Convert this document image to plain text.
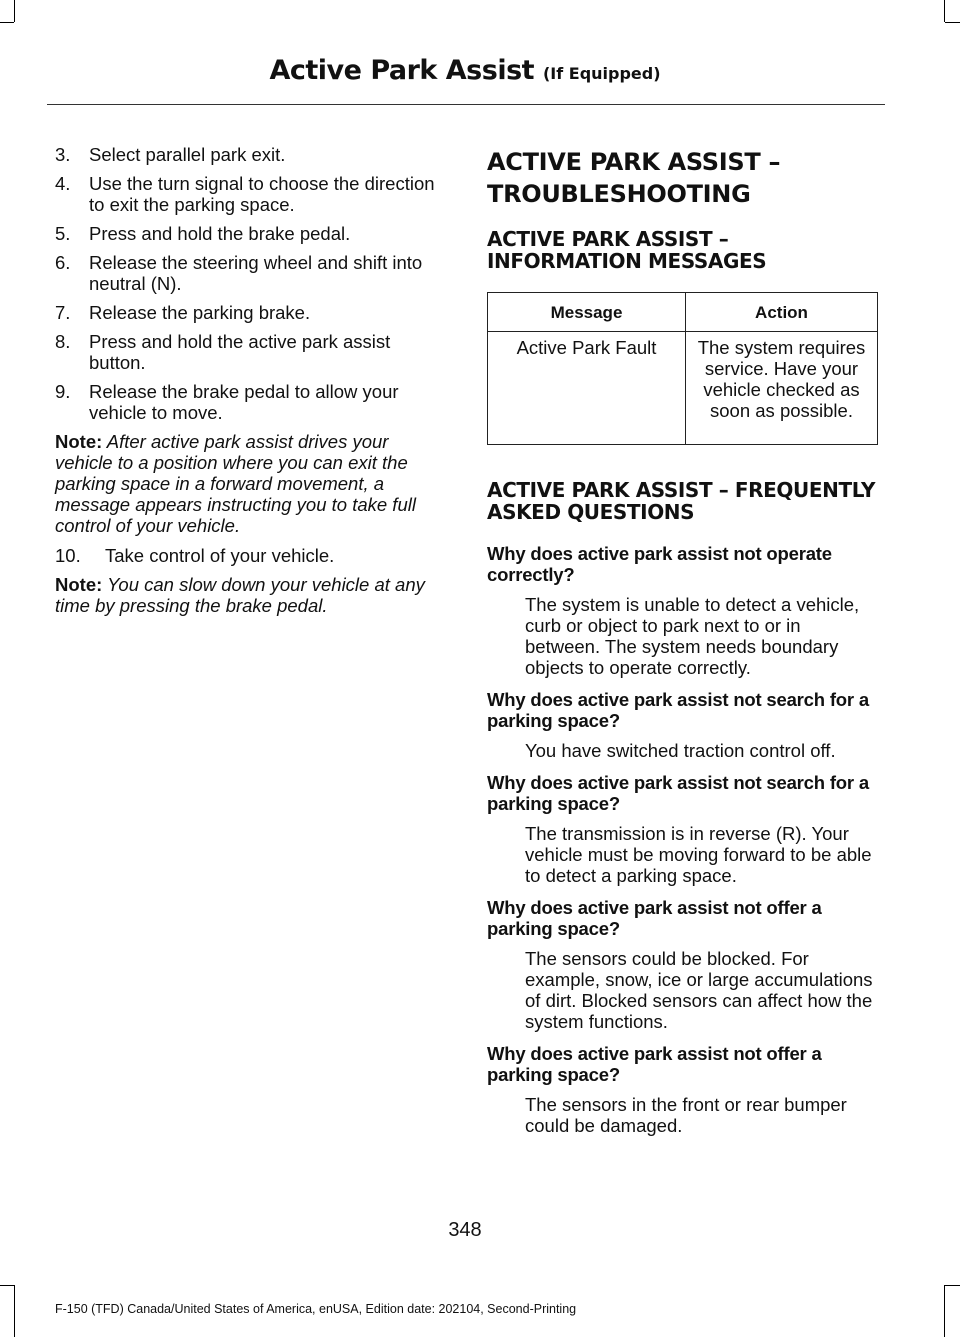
Active Park Assist (If Equipped)
3. Select parallel park exit.
4. Use the turn signal to choose the direction to exit the parking space.
5. Press and hold the brake pedal.
6. Release the steering wheel and shift into neutral (N).
7. Release the parking brake.
8. Press and hold the active park assist button.
9. Release the brake pedal to allow your vehicle to move.

Note: After active park assist drives your vehicle to a position where you can exit the parking space in a forward movement, a message appears instructing you to take full control of your vehicle.

10. Take control of your vehicle.

Note: You can slow down your vehicle at any time by pressing the brake pedal.

ACTIVE PARK ASSIST – TROUBLESHOOTING
ACTIVE PARK ASSIST – INFORMATION MESSAGES
Message	Action
Active Park Fault	The system requires service. Have your vehicle checked as soon as possible.
ACTIVE PARK ASSIST – FREQUENTLY ASKED QUESTIONS
Why does active park assist not operate correctly?
The system is unable to detect a vehicle, curb or object to park next to or in between. The system needs boundary objects to operate correctly.
Why does active park assist not search for a parking space?
You have switched traction control off.
Why does active park assist not search for a parking space?
The transmission is in reverse (R). Your vehicle must be moving forward to be able to detect a parking space.
Why does active park assist not offer a parking space?
The sensors could be blocked. For example, snow, ice or large accumulations of dirt. Blocked sensors can affect how the system functions.
Why does active park assist not offer a parking space?
The sensors in the front or rear bumper could be damaged.
348
F-150 (TFD) Canada/United States of America, enUSA, Edition date: 202104, Second-Printing
